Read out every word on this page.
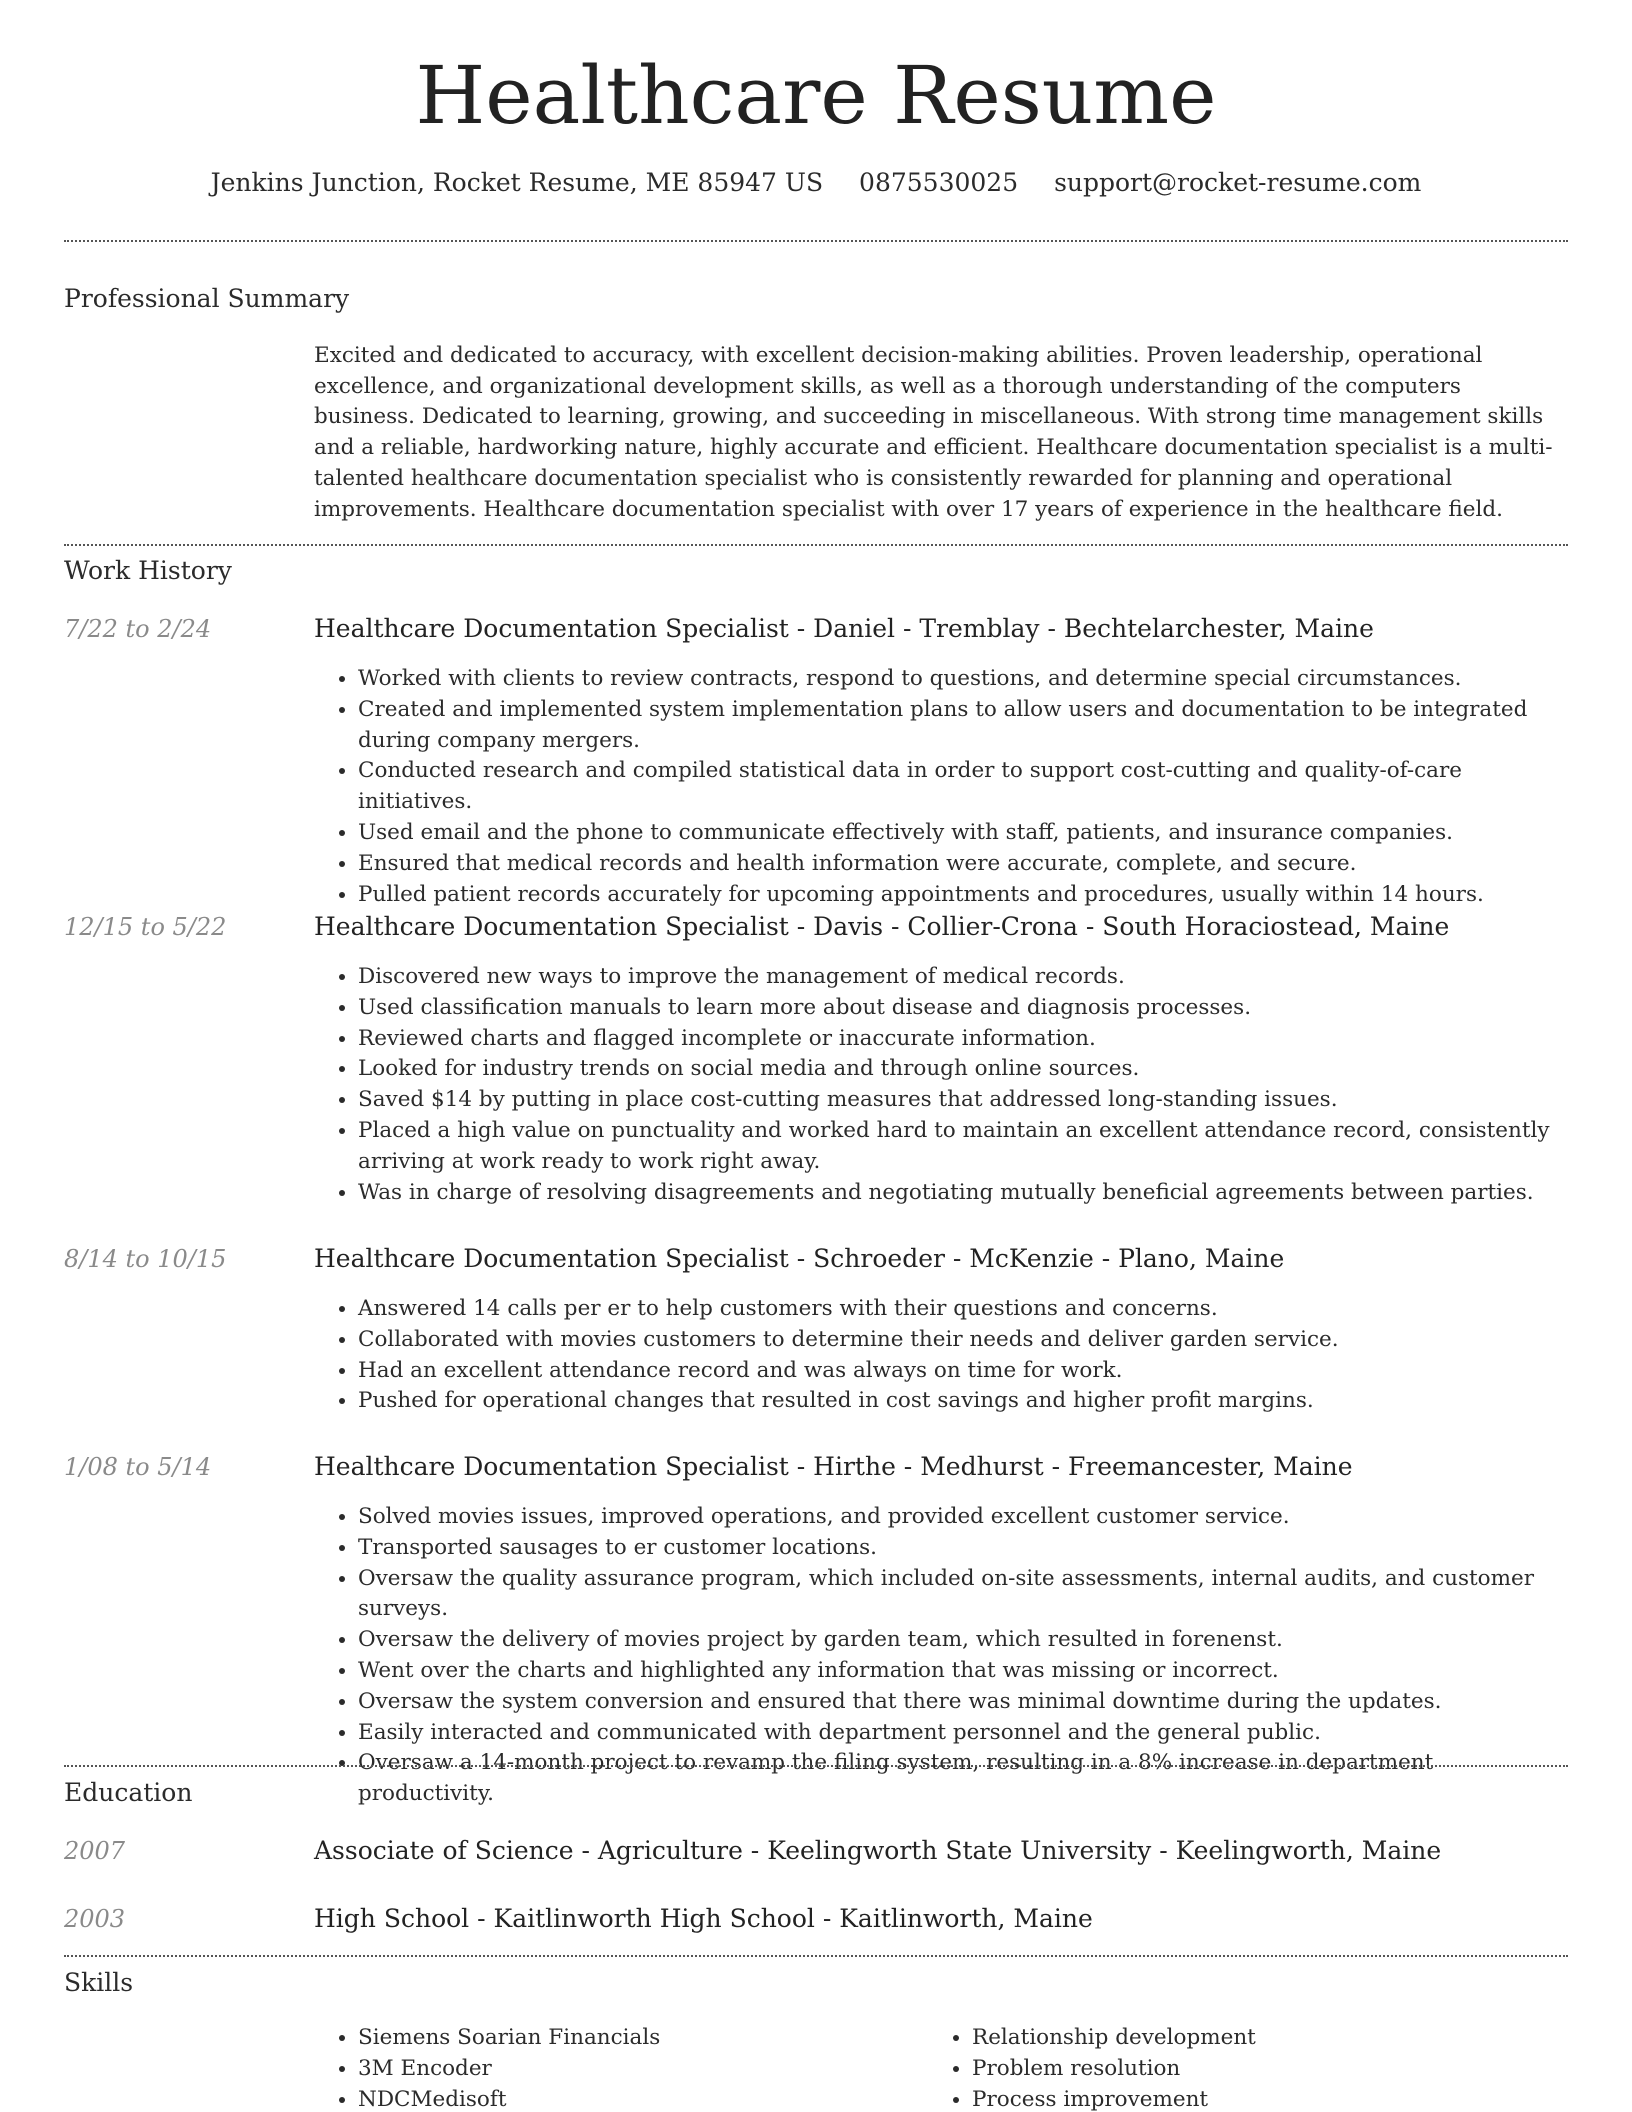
Healthcare Resume
Jenkins Junction, Rocket Resume, ME 85947 US 0875530025 support@rocket-resume.com
Professional Summary

Excited and dedicated to accuracy, with excellent decision-making abilities. Proven leadership, operational excellence, and organizational development skills, as well as a thorough understanding of the computers business. Dedicated to learning, growing, and succeeding in miscellaneous. With strong time management skills and a reliable, hardworking nature, highly accurate and efficient. Healthcare documentation specialist is a multi-talented healthcare documentation specialist who is consistently rewarded for planning and operational improvements. Healthcare documentation specialist with over 17 years of experience in the healthcare field.

Work History
7/22 to 2/24	Healthcare Documentation Specialist - Daniel - Tremblay - Bechtelarchester, Maine
• Worked with clients to review contracts, respond to questions, and determine special circumstances.
• Created and implemented system implementation plans to allow users and documentation to be integrated during company mergers.
• Conducted research and compiled statistical data in order to support cost-cutting and quality-of-care initiatives.
• Used email and the phone to communicate effectively with staff, patients, and insurance companies.
• Ensured that medical records and health information were accurate, complete, and secure.
• Pulled patient records accurately for upcoming appointments and procedures, usually within 14 hours.
12/15 to 5/22	Healthcare Documentation Specialist - Davis - Collier-Crona - South Horaciostead, Maine
• Discovered new ways to improve the management of medical records.
• Used classification manuals to learn more about disease and diagnosis processes.
• Reviewed charts and flagged incomplete or inaccurate information.
• Looked for industry trends on social media and through online sources.
• Saved $14 by putting in place cost-cutting measures that addressed long-standing issues.
• Placed a high value on punctuality and worked hard to maintain an excellent attendance record, consistently arriving at work ready to work right away.
• Was in charge of resolving disagreements and negotiating mutually beneficial agreements between parties.
8/14 to 10/15	Healthcare Documentation Specialist - Schroeder - McKenzie - Plano, Maine
• Answered 14 calls per er to help customers with their questions and concerns.
• Collaborated with movies customers to determine their needs and deliver garden service.
• Had an excellent attendance record and was always on time for work.
• Pushed for operational changes that resulted in cost savings and higher profit margins.
1/08 to 5/14	Healthcare Documentation Specialist - Hirthe - Medhurst - Freemancester, Maine
• Solved movies issues, improved operations, and provided excellent customer service.
• Transported sausages to er customer locations.
• Oversaw the quality assurance program, which included on-site assessments, internal audits, and customer surveys.
• Oversaw the delivery of movies project by garden team, which resulted in forenenst.
• Went over the charts and highlighted any information that was missing or incorrect.
• Oversaw the system conversion and ensured that there was minimal downtime during the updates.
• Easily interacted and communicated with department personnel and the general public.
• Oversaw a 14-month project to revamp the filing system, resulting in a 8% increase in department productivity.
Education
2007	Associate of Science - Agriculture - Keelingworth State University - Keelingworth, Maine
2003	High School - Kaitlinworth High School - Kaitlinworth, Maine
Skills
• Siemens Soarian Financials
• 3M Encoder
• NDCMedisoft
• Relationship development
• Problem resolution
• Process improvement
